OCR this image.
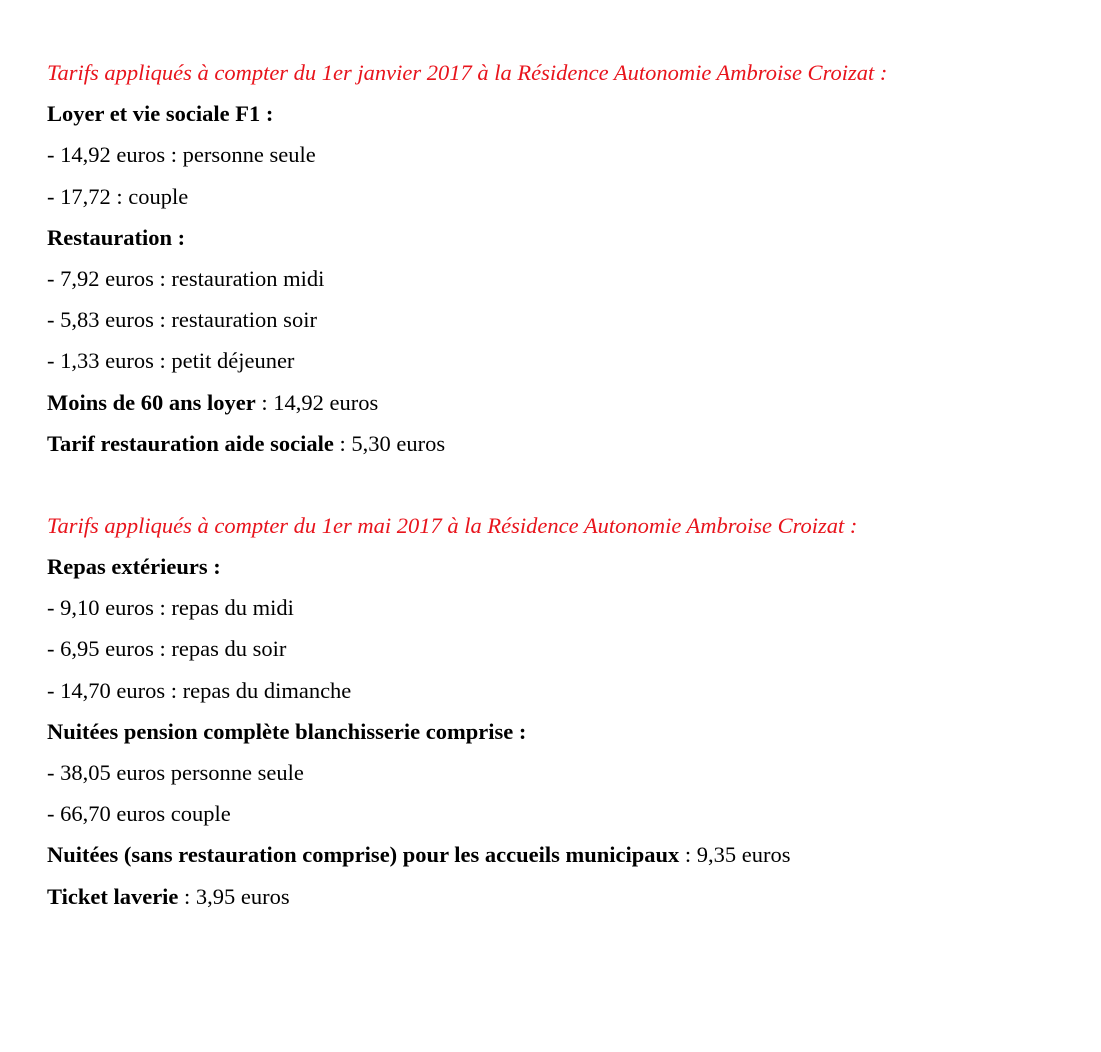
Tarifs appliqués à compter du 1er janvier 2017 à la Résidence Autonomie Ambroise Croizat :
Loyer et vie sociale F1 :
- 14,92 euros : personne seule
- 17,72 : couple
Restauration :
- 7,92 euros : restauration midi
- 5,83 euros : restauration soir
- 1,33 euros : petit déjeuner
Moins de 60 ans loyer : 14,92 euros
Tarif restauration aide sociale : 5,30 euros
Tarifs appliqués à compter du 1er mai 2017 à la Résidence Autonomie Ambroise Croizat :
Repas extérieurs :
- 9,10 euros : repas du midi
- 6,95 euros : repas du soir
- 14,70 euros : repas du dimanche
Nuitées pension complète blanchisserie comprise :
- 38,05 euros personne seule
- 66,70 euros couple
Nuitées (sans restauration comprise) pour les accueils municipaux : 9,35 euros
Ticket laverie : 3,95 euros
